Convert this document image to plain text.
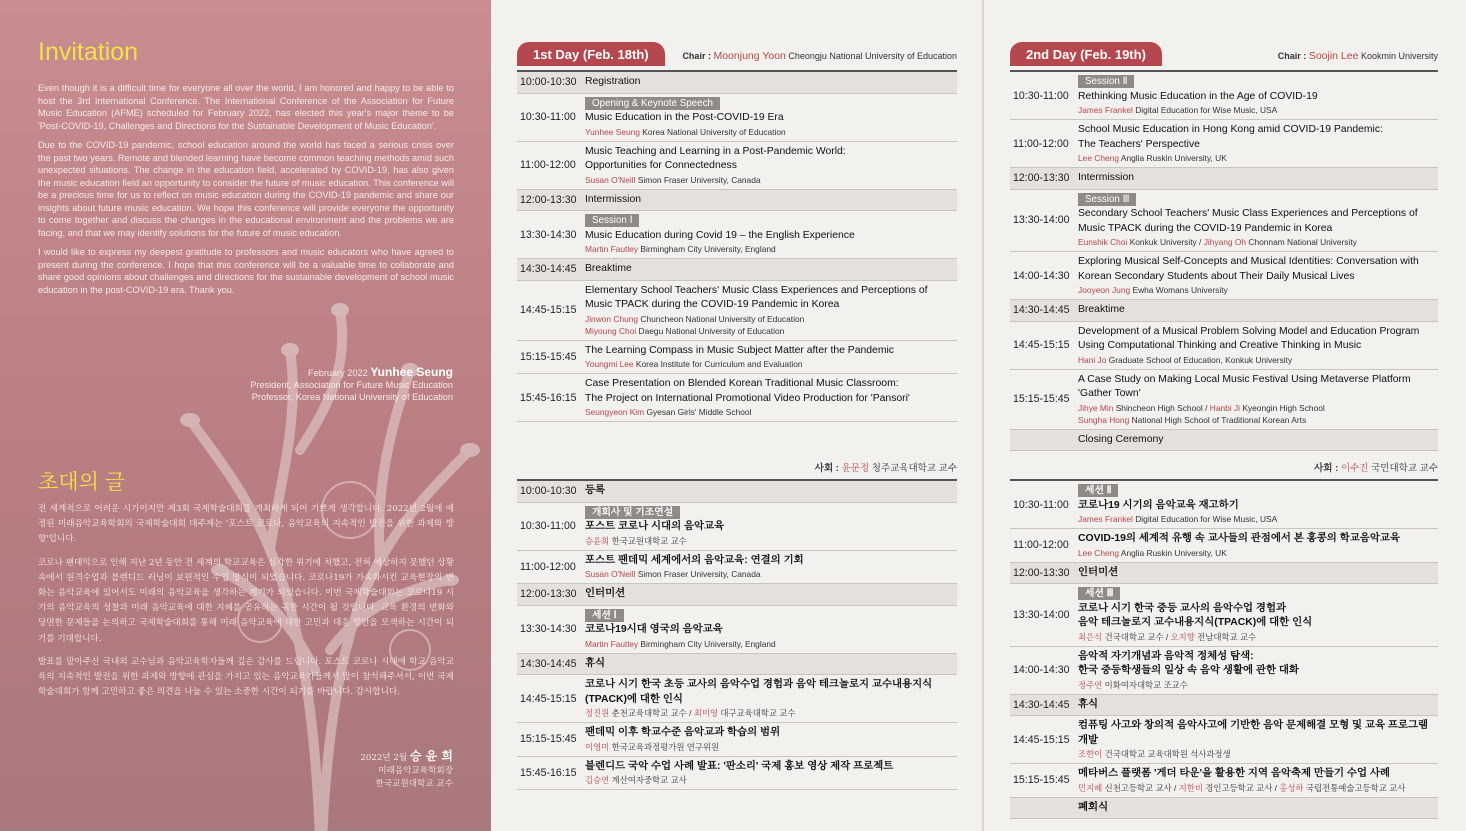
Invitation

Even though it is a difficult time for everyone all over the world, I am honored and happy to be able to host the 3rd International Conference. The International Conference of the Association for Future Music Education (AFME) scheduled for February 2022, has elected this year's major theme to be 'Post-COVID-19, Challenges and Directions for the Sustainable Development of Music Education'.

Due to the COVID-19 pandemic, school education around the world has faced a serious crisis over the past two years. Remote and blended learning have become common teaching methods amid such unexpected situations. The change in the education field, accelerated by COVID-19, has also given the music education field an opportunity to consider the future of music education. This conference will be a precious time for us to reflect on music education during the COVID-19 pandemic and share our insights about future music education. We hope this conference will provide everyone the opportunity to come together and discuss the changes in the educational environment and the problems we are facing, and that we may identify solutions for the future of music education.

I would like to express my deepest gratitude to professors and music educators who have agreed to present during the conference. I hope that this conference will be a valuable time to collaborate and share good opinions about challenges and directions for the sustainable development of school music education in the post-COVID-19 era. Thank you.

February 2022 Yunhee Seung
President, Association for Future Music Education
Professor, Korea National University of Education
초대의 글

전 세계적으로 어려운 시기이지만 제3회 국제학술대회를 개최하게 되어 기쁘게 생각합니다. 2022년 2월에 예정된 미래음악교육학회의 국제학술대회 대주제는 '포스트 코로나, 음악교육의 지속적인 발전을 위한 과제와 방향'입니다.

코로나 팬데믹으로 인해 지난 2년 동안 전 세계의 학교교육은 심각한 위기에 처했고, 전혀 예상하지 못했던 상황 속에서 원격수업과 블렌디드 러닝이 보편적인 수업 방식이 되었습니다. 코로나19가 가속화시킨 교육현장의 변화는 음악교육에 있어서도 미래의 음악교육을 생각하는 계기가 되었습니다. 이번 국제학술대회는 코로나19 시기의 음악교육의 성찰과 미래 음악교육에 대한 지혜를 공유하는 귀한 시간이 될 것입니다. 교육 환경의 변화와 당면한 문제들을 논의하고 국제학술대회를 통해 미래 음악교육에 대한 고민과 대응 방안을 모색하는 시간이 되기를 기대합니다.

발표를 맡아주신 국내외 교수님과 음악교육학자들께 깊은 감사를 드립니다. 포스트 코로나 시대에 학교 음악교육의 지속적인 발전을 위한 과제와 방향에 관심을 가지고 있는 음악교육가들께서 많이 참석해주셔서, 이번 국제학술대회가 함께 고민하고 좋은 의견을 나눌 수 있는 소중한 시간이 되기를 바랍니다. 감사합니다.

2022년 2월 승 윤 희
미래음악교육학회장
한국교원대학교 교수
1st Day (Feb. 18th)	Chair : Moonjung Yoon Cheongju National University of Education
10:00-10:30 Registration
10:30-11:00
Opening & Keynote Speech
Music Education in the Post-COVID-19 Era
Yunhee Seung Korea National University of Education
11:00-12:00
Music Teaching and Learning in a Post-Pandemic World:
Opportunities for Connectedness
Susan O'Neill Simon Fraser University, Canada
12:00-13:30 Intermission
13:30-14:30
Session Ⅰ
Music Education during Covid 19 – the English Experience
Martin Fautley Birmingham City University, England
14:30-14:45 Breaktime
14:45-15:15
Elementary School Teachers' Music Class Experiences and Perceptions of
Music TPACK during the COVID-19 Pandemic in Korea
Jinwon Chung Chuncheon National University of Education
Miyoung Choi Daegu National University of Education
15:15-15:45
The Learning Compass in Music Subject Matter after the Pandemic
Youngmi Lee Korea Institute for Curriculum and Evaluation
15:45-16:15
Case Presentation on Blended Korean Traditional Music Classroom:
The Project on International Promotional Video Production for 'Pansori'
Seungyeon Kim Gyesan Girls' Middle School
사회 : 윤문정 청주교육대학교 교수
10:00-10:30 등록
10:30-11:00
개회사 및 기조연설
포스트 코로나 시대의 음악교육
승윤희 한국교원대학교 교수
11:00-12:00
포스트 팬데믹 세계에서의 음악교육: 연결의 기회
Susan O'Neill Simon Fraser University, Canada
12:00-13:30 인터미션
13:30-14:30
세션 Ⅰ
코로나19시대 영국의 음악교육
Martin Fautley Birmingham City University, England
14:30-14:45 휴식
14:45-15:15
코로나 시기 한국 초등 교사의 음악수업 경험과 음악 테크놀로지 교수내용지식
(TPACK)에 대한 인식
정진원 춘천교육대학교 교수 / 최미영 대구교육대학교 교수
15:15-15:45
팬데믹 이후 학교수준 음악교과 학습의 범위
이영미 한국교육과정평가원 연구위원
15:45-16:15
블렌디드 국악 수업 사례 발표: '판소리' 국제 홍보 영상 제작 프로젝트
김승연 계산여자중학교 교사
2nd Day (Feb. 19th)	Chair : Soojin Lee Kookmin University
10:30-11:00
Session Ⅱ
Rethinking Music Education in the Age of COVID-19
James Frankel Digital Education for Wise Music, USA
11:00-12:00
School Music Education in Hong Kong amid COVID-19 Pandemic:
The Teachers' Perspective
Lee Cheng Anglia Ruskin University, UK
12:00-13:30 Intermission
13:30-14:00
Session Ⅲ
Secondary School Teachers' Music Class Experiences and Perceptions of
Music TPACK during the COVID-19 Pandemic in Korea
Eunshik Choi Konkuk University / Jihyang Oh Chonnam National University
14:00-14:30
Exploring Musical Self-Concepts and Musical Identities: Conversation with
Korean Secondary Students about Their Daily Musical Lives
Jooyeon Jung Ewha Womans University
14:30-14:45 Breaktime
14:45-15:15
Development of a Musical Problem Solving Model and Education Program
Using Computational Thinking and Creative Thinking in Music
Hani Jo Graduate School of Education, Konkuk University
15:15-15:45
A Case Study on Making Local Music Festival Using Metaverse Platform
'Gather Town'
Jihye Min Shincheon High School / Hanbi Ji Kyeongin High School
Sungha Hong National High School of Traditional Korean Arts
Closing Ceremony
사회 : 이수진 국민대학교 교수
10:30-11:00
세션 Ⅱ
코로나19 시기의 음악교육 재고하기
James Frankel Digital Education for Wise Music, USA
11:00-12:00
COVID-19의 세계적 유행 속 교사들의 관점에서 본 홍콩의 학교음악교육
Lee Cheng Anglia Ruskin University, UK
12:00-13:30 인터미션
13:30-14:00
세션 Ⅲ
코로나 시기 한국 중등 교사의 음악수업 경험과
음악 테크놀로지 교수내용지식(TPACK)에 대한 인식
최은식 건국대학교 교수 / 오지향 전남대학교 교수
14:00-14:30
음악적 자기개념과 음악적 정체성 탐색:
한국 중등학생들의 일상 속 음악 생활에 관한 대화
정주연 이화여자대학교 조교수
14:30-14:45 휴식
14:45-15:15
컴퓨팅 사고와 창의적 음악사고에 기반한 음악 문제해결 모형 및 교육 프로그램 개발
조한이 건국대학교 교육대학원 석사과정생
15:15-15:45
메타버스 플랫폼 '게더 타운'을 활용한 지역 음악축제 만들기 수업 사례
민지혜 신천고등학교 교사 / 지한비 경인고등학교 교사 / 홍성하 국립전통예술고등학교 교사
폐회식
